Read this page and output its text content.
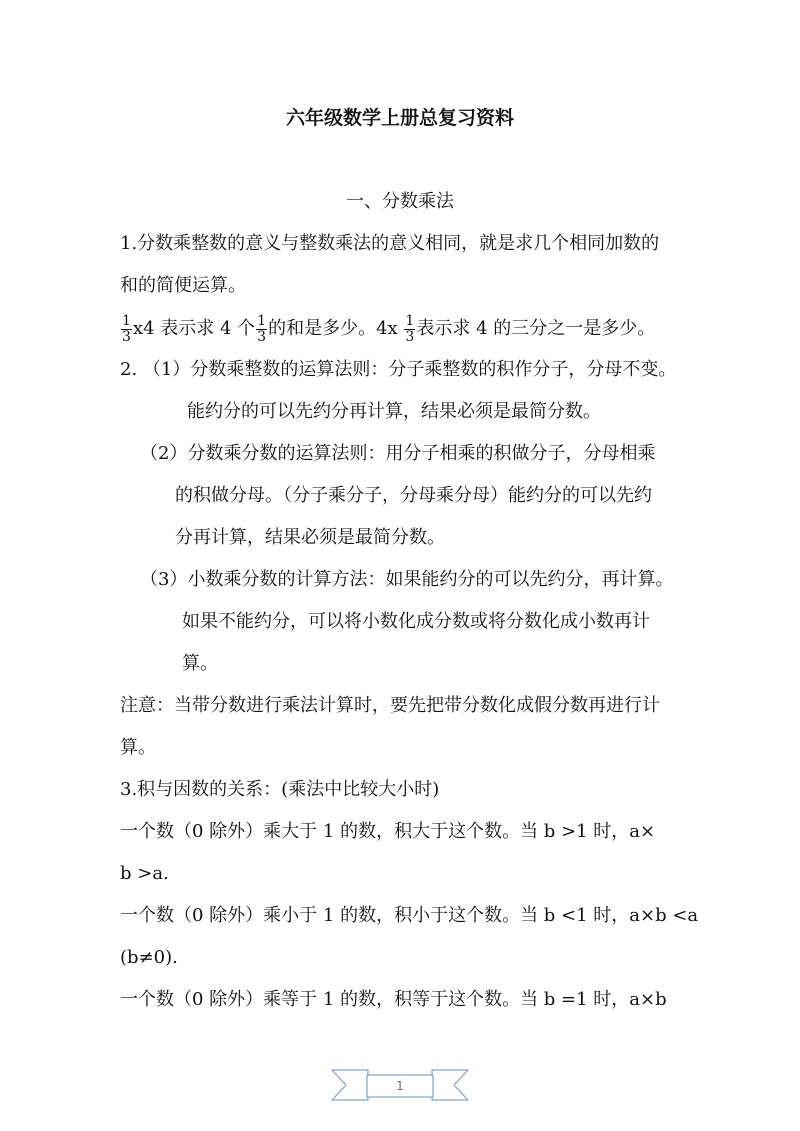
六年级数学上册总复习资料
一、分数乘法
1.分数乘整数的意义与整数乘法的意义相同，就是求几个相同加数的
和的简便运算。
$\frac{1}{3} x4$ 表示求 4 个 $\frac{1}{3}$ 的和是多少。$4x \frac{1}{3}$ 表示求 4 的三分之一是多少。
2. （1）分数乘整数的运算法则：分子乘整数的积作分子，分母不变。
能约分的可以先约分再计算，结果必须是最简分数。
（2）分数乘分数的运算法则：用分子相乘的积做分子，分母相乘
的积做分母。（分子乘分子，分母乘分母）能约分的可以先约
分再计算，结果必须是最简分数。
（3）小数乘分数的计算方法：如果能约分的可以先约分，再计算。
如果不能约分，可以将小数化成分数或将分数化成小数再计
算。
注意：当带分数进行乘法计算时，要先把带分数化成假分数再进行计
算。
3.积与因数的关系：(乘法中比较大小时)
一个数（0 除外）乘大于 1 的数，积大于这个数。当 b >1 时，a×
b >a.
一个数（0 除外）乘小于 1 的数，积小于这个数。当 b <1 时，a×b <a
(b≠0).
一个数（0 除外）乘等于 1 的数，积等于这个数。当 b =1 时，a×b
1
